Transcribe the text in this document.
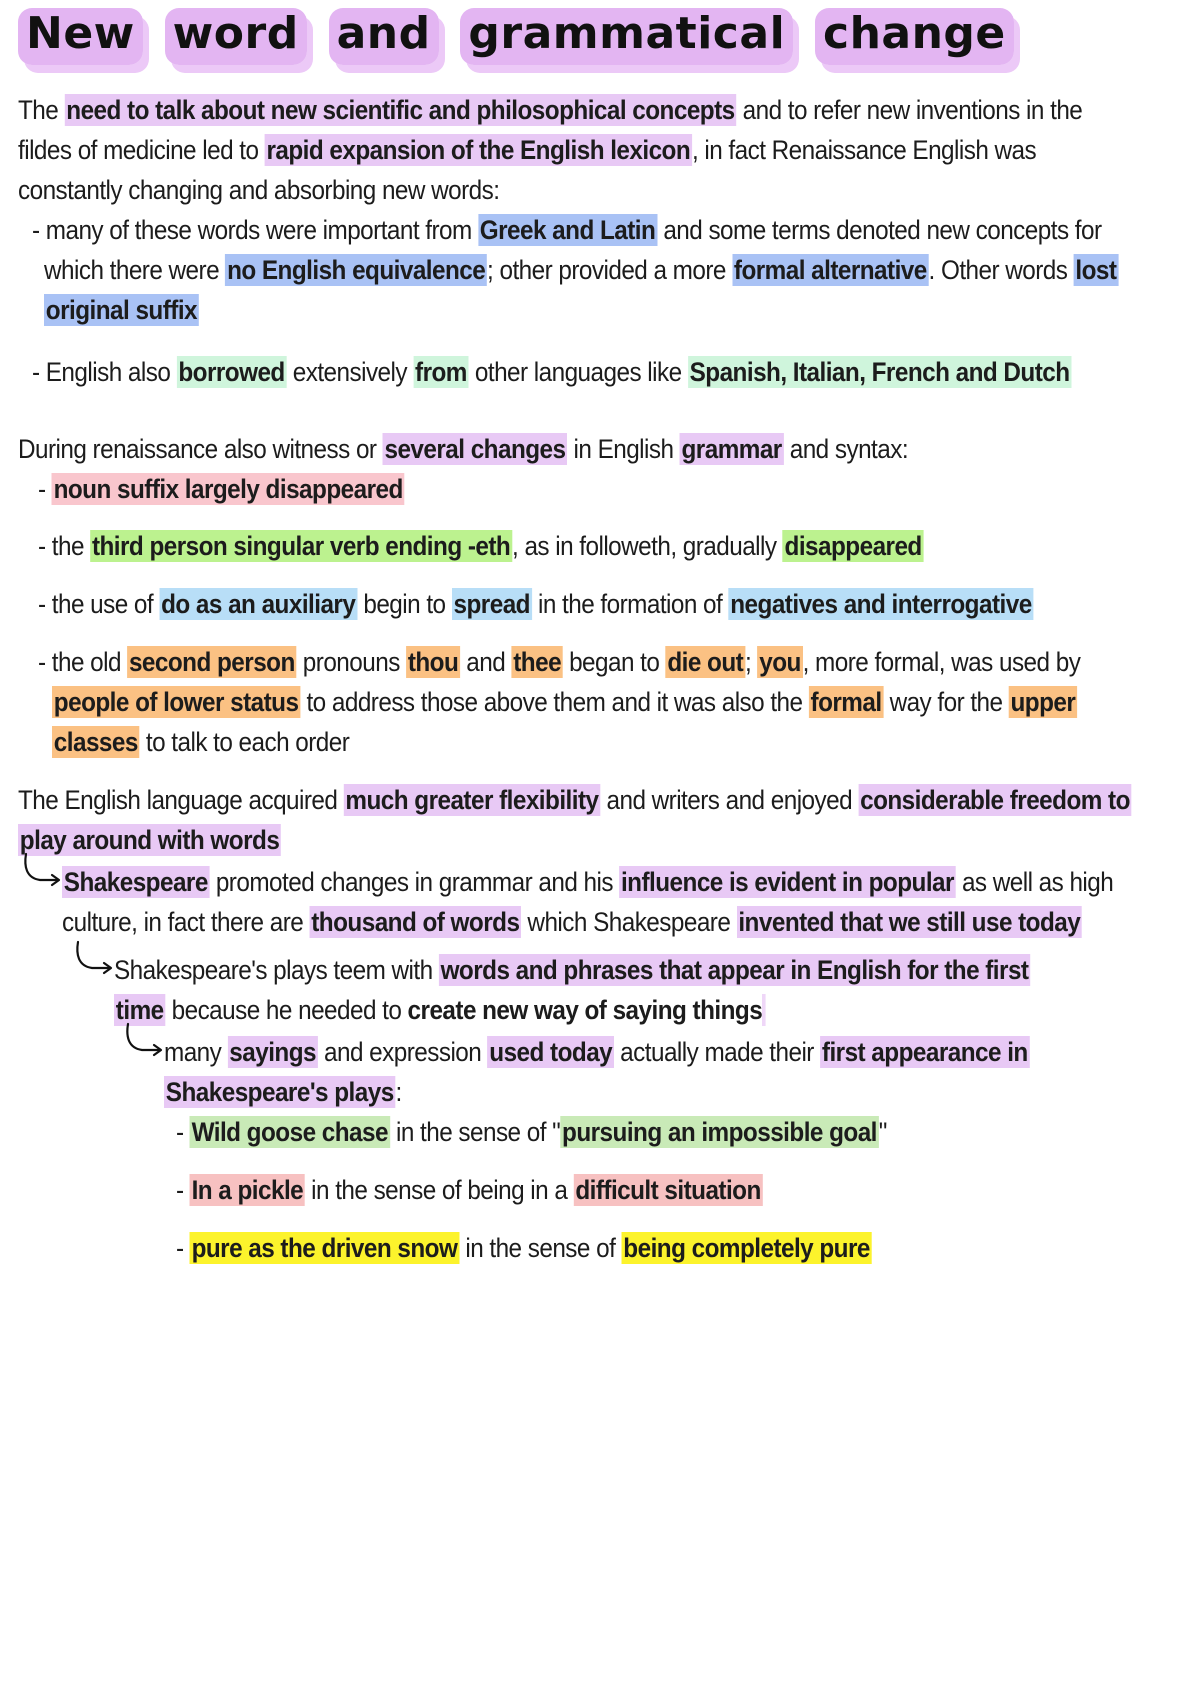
New word and grammatical change
The need to talk about new scientific and philosophical concepts and to refer new inventions in the
fildes of medicine led to rapid expansion of the English lexicon, in fact Renaissance English was
constantly changing and absorbing new words:
- many of these words were important from Greek and Latin and some terms denoted new concepts for
which there were no English equivalence; other provided a more formal alternative. Other words lost
original suffix
- English also borrowed extensively from other languages like Spanish, Italian, French and Dutch
During renaissance also witness or several changes in English grammar and syntax:
- noun suffix largely disappeared
- the third person singular verb ending -eth, as in followeth, gradually disappeared
- the use of do as an auxiliary begin to spread in the formation of negatives and interrogative
- the old second person pronouns thou and thee began to die out; you, more formal, was used by
people of lower status to address those above them and it was also the formal way for the upper
classes to talk to each order
The English language acquired much greater flexibility and writers and enjoyed considerable freedom to
play around with words
Shakespeare promoted changes in grammar and his influence is evident in popular as well as high
culture, in fact there are thousand of words which Shakespeare invented that we still use today
Shakespeare's plays teem with words and phrases that appear in English for the first
time because he needed to create new way of saying things
many sayings and expression used today actually made their first appearance in
Shakespeare's plays:
- Wild goose chase in the sense of "pursuing an impossible goal"
- In a pickle in the sense of being in a difficult situation
- pure as the driven snow in the sense of being completely pure
